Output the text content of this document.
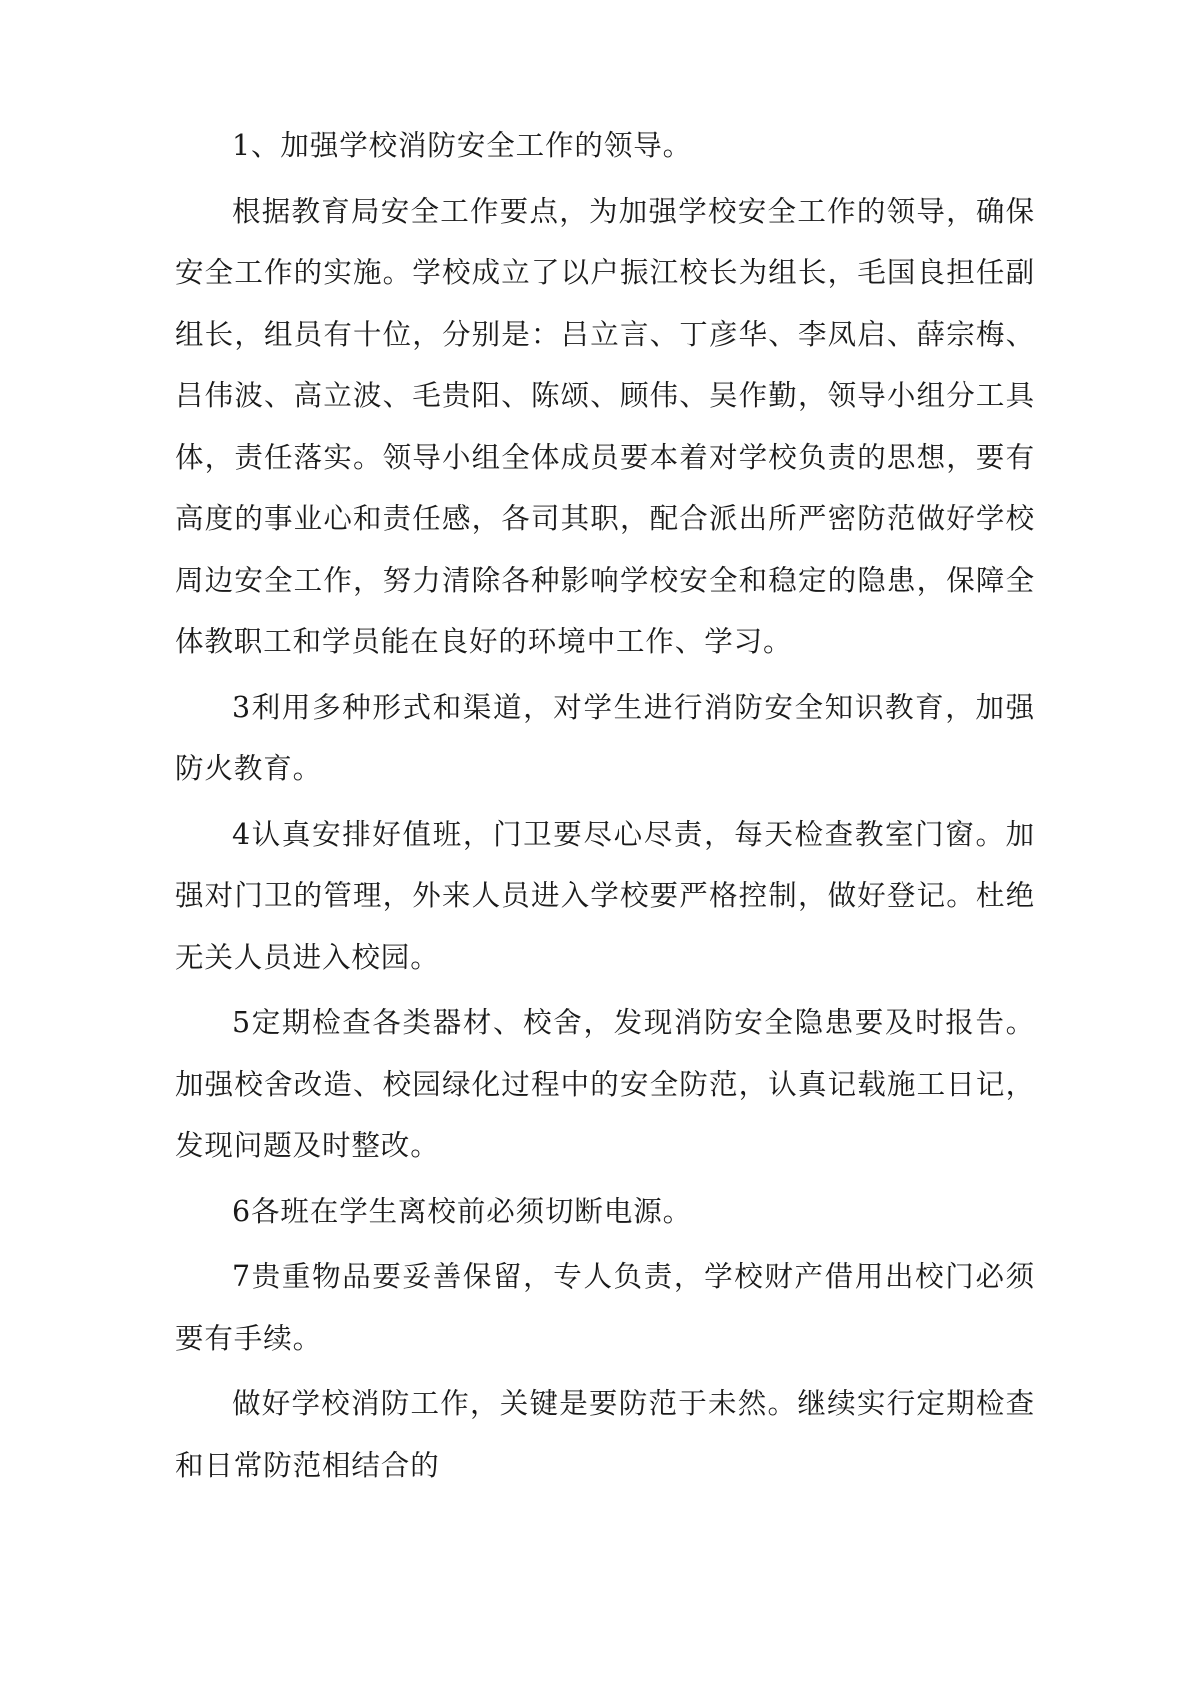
1、加强学校消防安全工作的领导。

根据教育局安全工作要点，为加强学校安全工作的领导，确保安全工作的实施。学校成立了以户振江校长为组长，毛国良担任副组长，组员有十位，分别是：吕立言、丁彦华、李凤启、薛宗梅、吕伟波、高立波、毛贵阳、陈颂、顾伟、吴作勤，领导小组分工具体，责任落实。领导小组全体成员要本着对学校负责的思想，要有高度的事业心和责任感，各司其职，配合派出所严密防范做好学校周边安全工作，努力清除各种影响学校安全和稳定的隐患，保障全体教职工和学员能在良好的环境中工作、学习。

3利用多种形式和渠道，对学生进行消防安全知识教育，加强防火教育。

4认真安排好值班，门卫要尽心尽责，每天检查教室门窗。加强对门卫的管理，外来人员进入学校要严格控制，做好登记。杜绝无关人员进入校园。

5定期检查各类器材、校舍，发现消防安全隐患要及时报告。加强校舍改造、校园绿化过程中的安全防范，认真记载施工日记，发现问题及时整改。

6各班在学生离校前必须切断电源。

7贵重物品要妥善保留，专人负责，学校财产借用出校门必须要有手续。

做好学校消防工作，关键是要防范于未然。继续实行定期检查和日常防范相结合的
